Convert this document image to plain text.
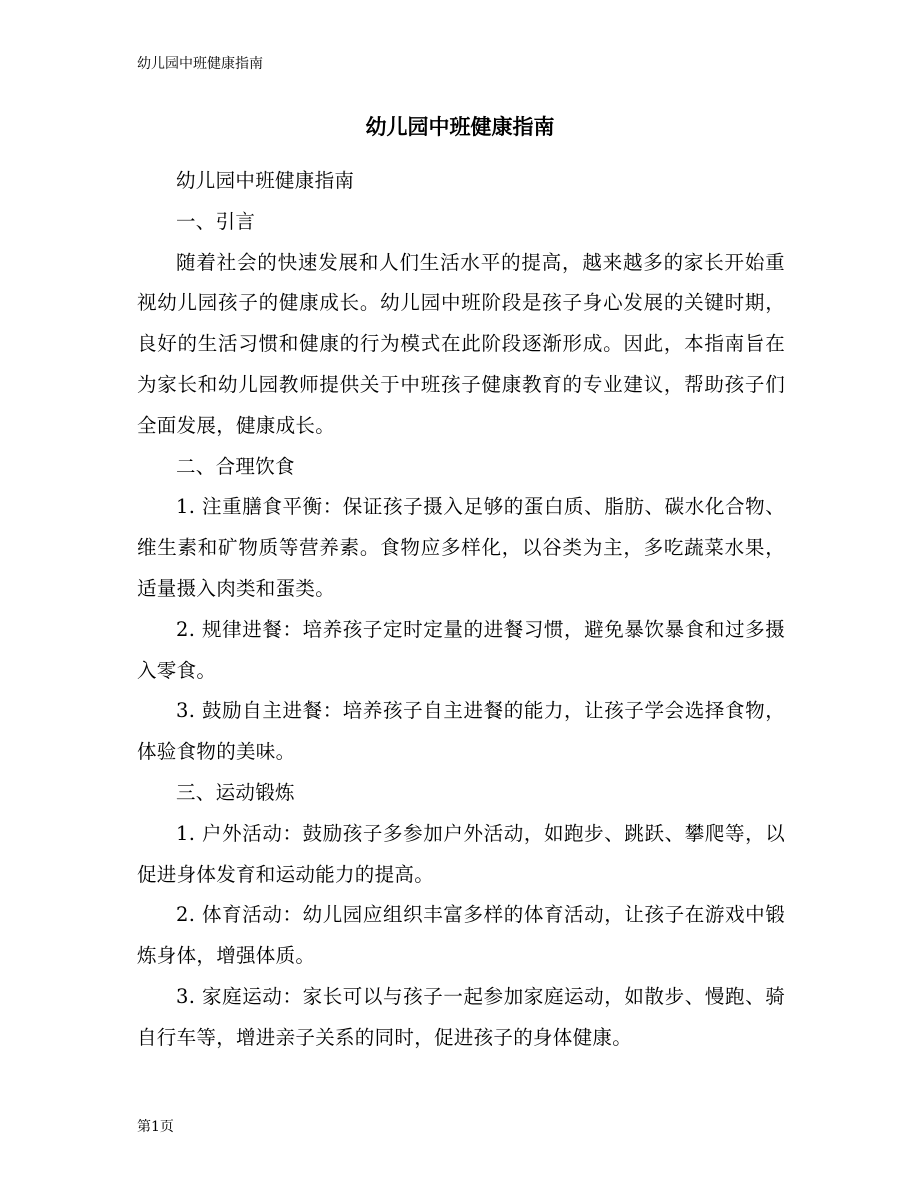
幼儿园中班健康指南
幼儿园中班健康指南

幼儿园中班健康指南

一、引言

随着社会的快速发展和人们生活水平的提高，越来越多的家长开始重视幼儿园孩子的健康成长。幼儿园中班阶段是孩子身心发展的关键时期，良好的生活习惯和健康的行为模式在此阶段逐渐形成。因此，本指南旨在为家长和幼儿园教师提供关于中班孩子健康教育的专业建议，帮助孩子们全面发展，健康成长。

二、合理饮食

1. 注重膳食平衡：保证孩子摄入足够的蛋白质、脂肪、碳水化合物、维生素和矿物质等营养素。食物应多样化，以谷类为主，多吃蔬菜水果，适量摄入肉类和蛋类。

2. 规律进餐：培养孩子定时定量的进餐习惯，避免暴饮暴食和过多摄入零食。

3. 鼓励自主进餐：培养孩子自主进餐的能力，让孩子学会选择食物，体验食物的美味。

三、运动锻炼

1. 户外活动：鼓励孩子多参加户外活动，如跑步、跳跃、攀爬等，以促进身体发育和运动能力的提高。

2. 体育活动：幼儿园应组织丰富多样的体育活动，让孩子在游戏中锻炼身体，增强体质。

3. 家庭运动：家长可以与孩子一起参加家庭运动，如散步、慢跑、骑自行车等，增进亲子关系的同时，促进孩子的身体健康。

第1页
